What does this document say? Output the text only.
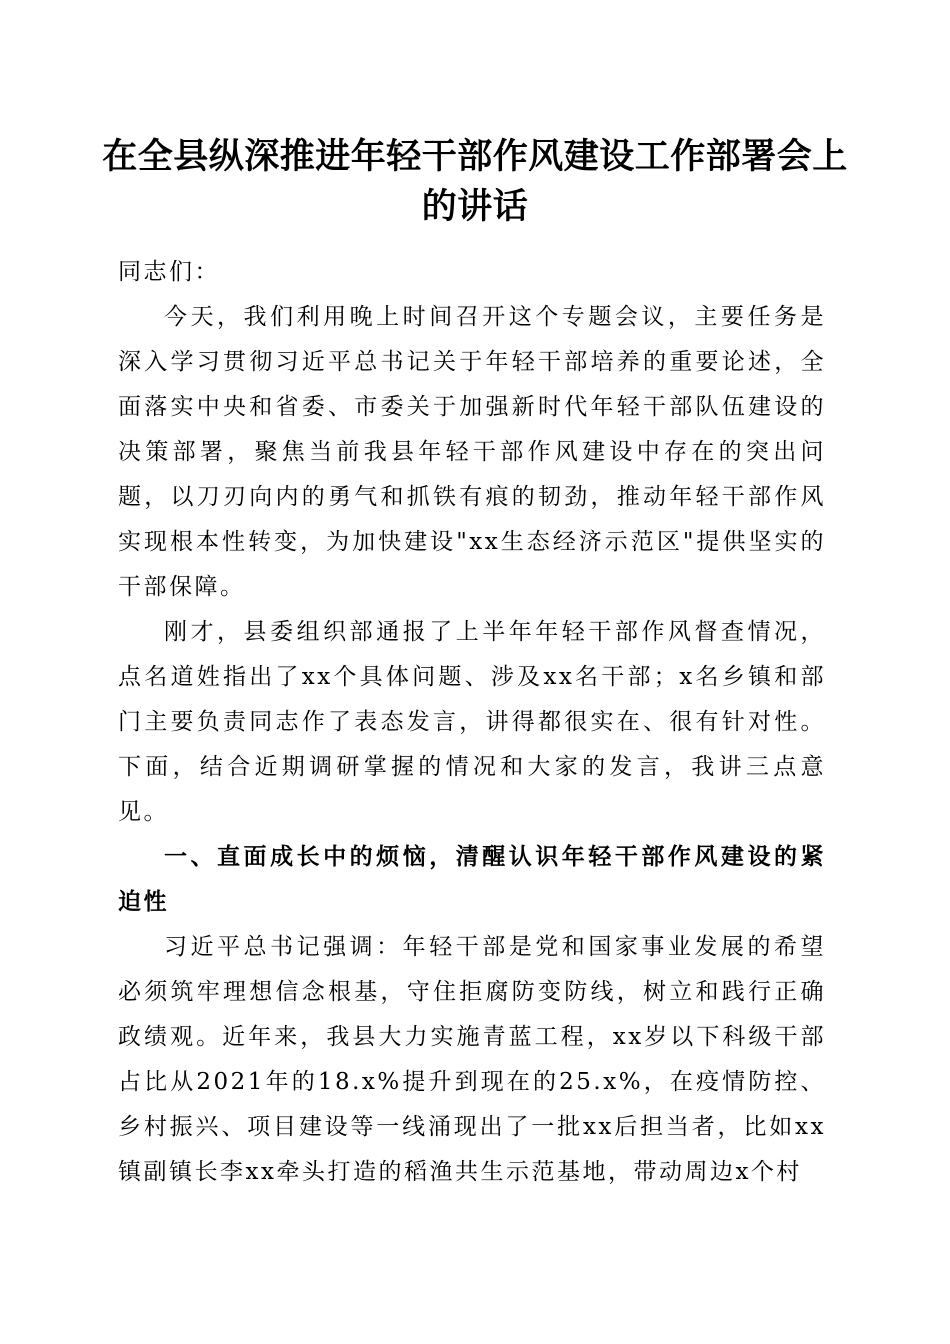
在全县纵深推进年轻干部作风建设工作部署会上的讲话

同志们：

今天，我们利用晚上时间召开这个专题会议，主要任务是深入学习贯彻习近平总书记关于年轻干部培养的重要论述，全面落实中央和省委、市委关于加强新时代年轻干部队伍建设的决策部署，聚焦当前我县年轻干部作风建设中存在的突出问题，以刀刃向内的勇气和抓铁有痕的韧劲，推动年轻干部作风实现根本性转变，为加快建设"xx生态经济示范区"提供坚实的干部保障。

刚才，县委组织部通报了上半年年轻干部作风督查情况，点名道姓指出了xx个具体问题、涉及xx名干部；x名乡镇和部门主要负责同志作了表态发言，讲得都很实在、很有针对性。下面，结合近期调研掌握的情况和大家的发言，我讲三点意见。

一、直面成长中的烦恼，清醒认识年轻干部作风建设的紧迫性

习近平总书记强调：年轻干部是党和国家事业发展的希望必须筑牢理想信念根基，守住拒腐防变防线，树立和践行正确政绩观。近年来，我县大力实施青蓝工程，xx岁以下科级干部占比从2021年的18.x%提升到现在的25.x%，在疫情防控、乡村振兴、项目建设等一线涌现出了一批xx后担当者，比如xx镇副镇长李xx牵头打造的稻渔共生示范基地，带动周边x个村
